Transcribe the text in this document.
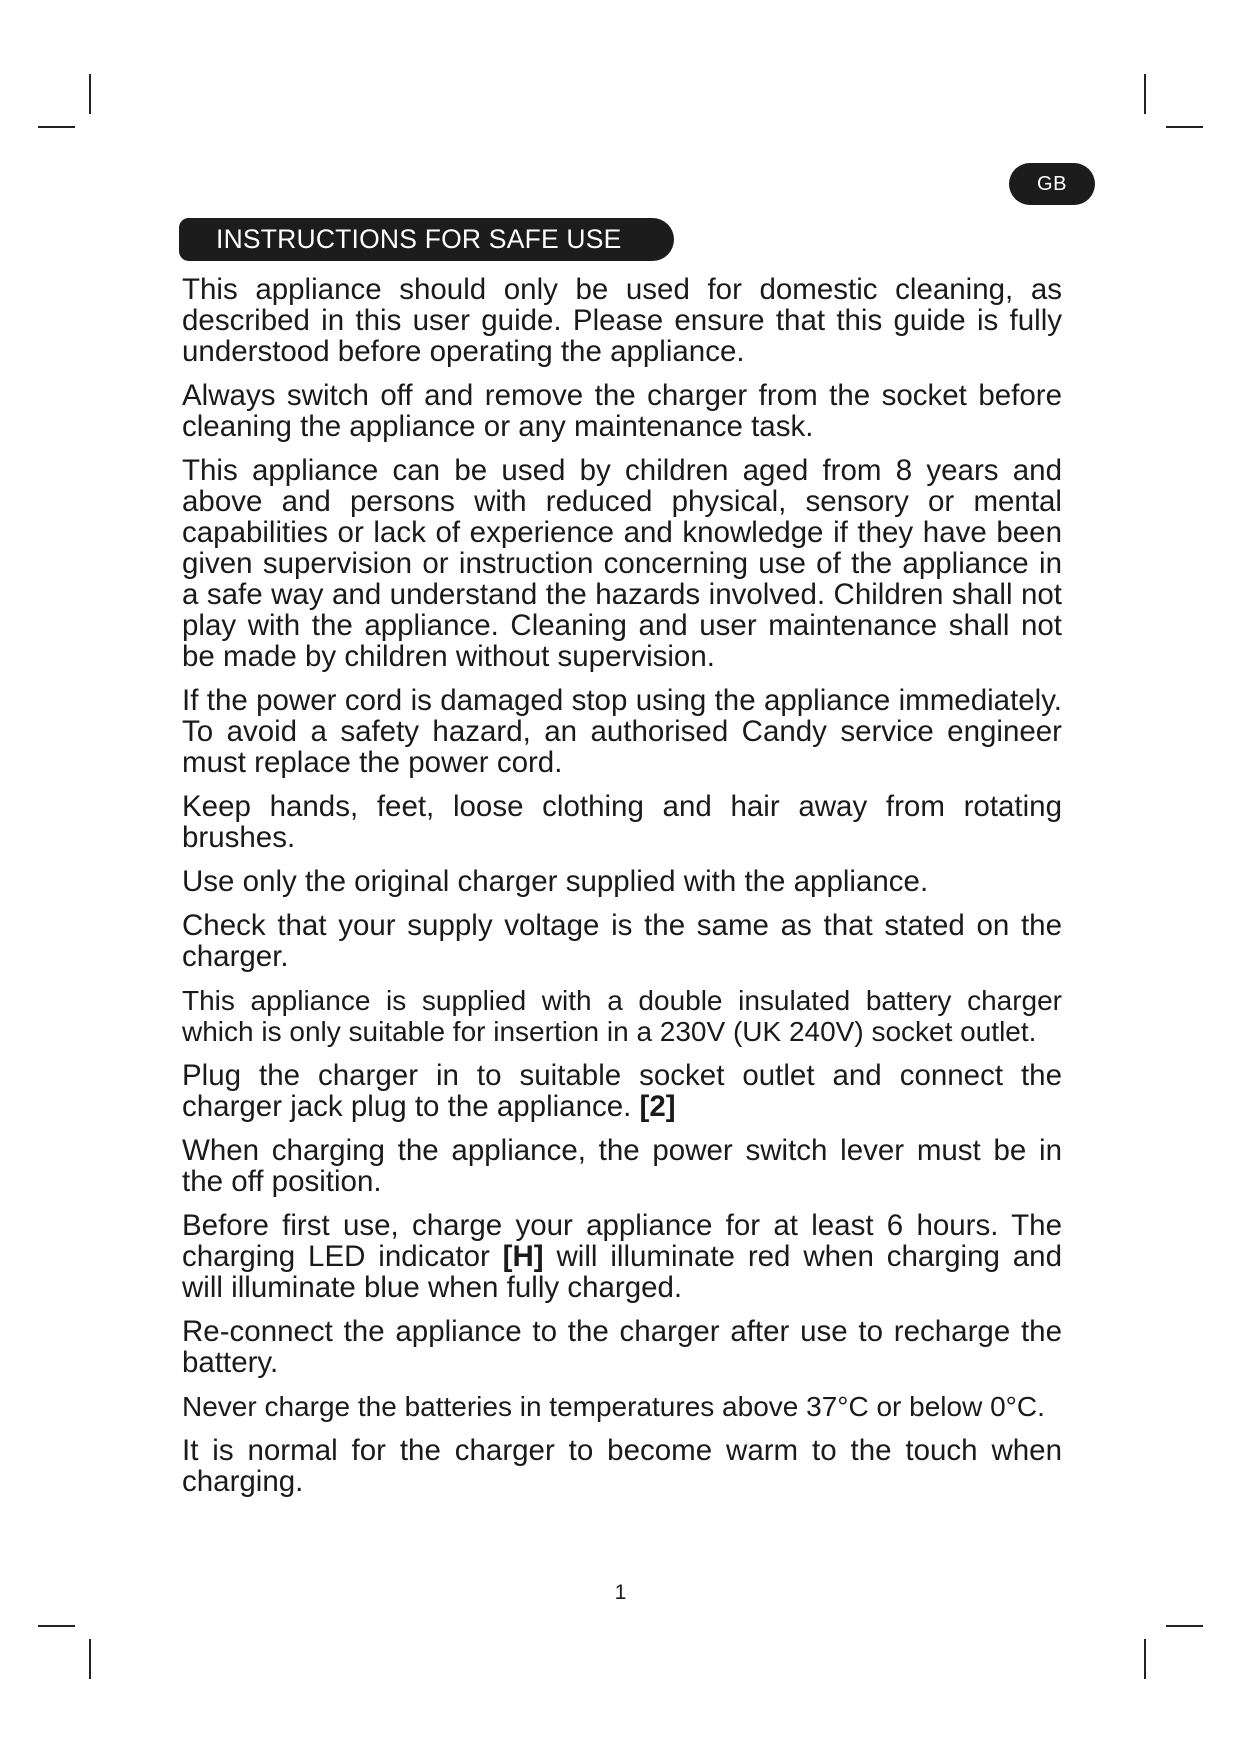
GB
INSTRUCTIONS FOR SAFE USE

This appliance should only be used for domestic cleaning, as described in this user guide. Please ensure that this guide is fully understood before operating the appliance.

Always switch off and remove the charger from the socket before cleaning the appliance or any maintenance task.

This appliance can be used by children aged from 8 years and above and persons with reduced physical, sensory or mental capabilities or lack of experience and knowledge if they have been given supervision or instruction concerning use of the appliance in a safe way and understand the hazards involved. Children shall not play with the appliance. Cleaning and user maintenance shall not be made by children without supervision.

If the power cord is damaged stop using the appliance immediately. To avoid a safety hazard, an authorised Candy service engineer must replace the power cord.

Keep hands, feet, loose clothing and hair away from rotating brushes.

Use only the original charger supplied with the appliance.

Check that your supply voltage is the same as that stated on the charger.

This appliance is supplied with a double insulated battery charger which is only suitable for insertion in a 230V (UK 240V) socket outlet.

Plug the charger in to suitable socket outlet and connect the charger jack plug to the appliance. [2]

When charging the appliance, the power switch lever must be in the off position.

Before first use, charge your appliance for at least 6 hours. The charging LED indicator [H] will illuminate red when charging and will illuminate blue when fully charged.

Re-connect the appliance to the charger after use to recharge the battery.

Never charge the batteries in temperatures above 37°C or below 0°C.

It is normal for the charger to become warm to the touch when charging.

1
